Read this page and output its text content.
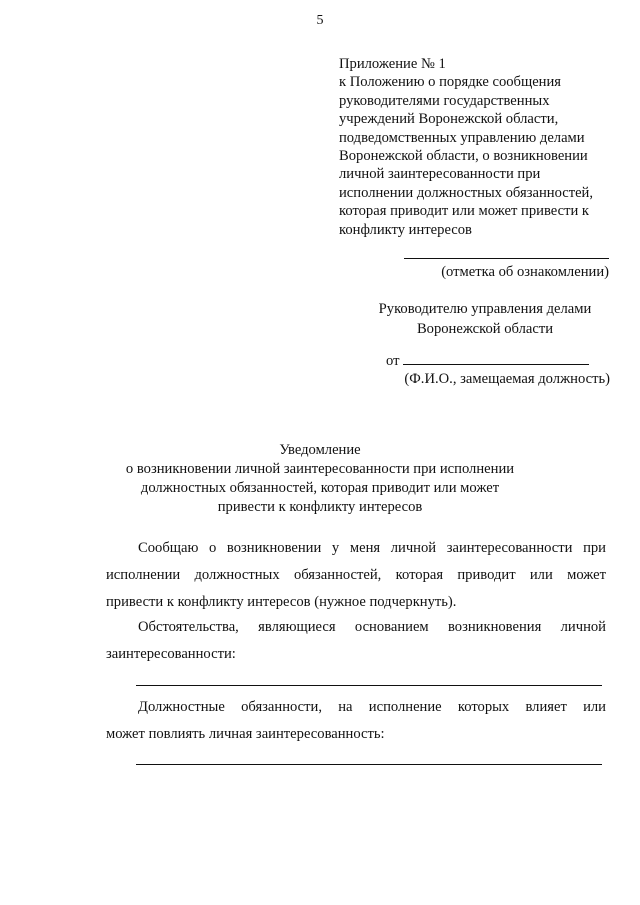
5
Приложение № 1
к Положению о порядке сообщения
руководителями государственных
учреждений Воронежской области,
подведомственных управлению делами
Воронежской области, о возникновении
личной заинтересованности при
исполнении должностных обязанностей,
которая приводит или может привести к
конфликту интересов
(отметка об ознакомлении)
Руководителю управления делами
Воронежской области
от
(Ф.И.О., замещаемая должность)
Уведомление
о возникновении личной заинтересованности при исполнении
должностных обязанностей, которая приводит или может
привести к конфликту интересов
Сообщаю о возникновении у меня личной заинтересованности при
исполнении должностных обязанностей, которая приводит или может
привести к конфликту интересов (нужное подчеркнуть).
Обстоятельства, являющиеся основанием возникновения личной
заинтересованности:
Должностные обязанности, на исполнение которых влияет или
может повлиять личная заинтересованность:
